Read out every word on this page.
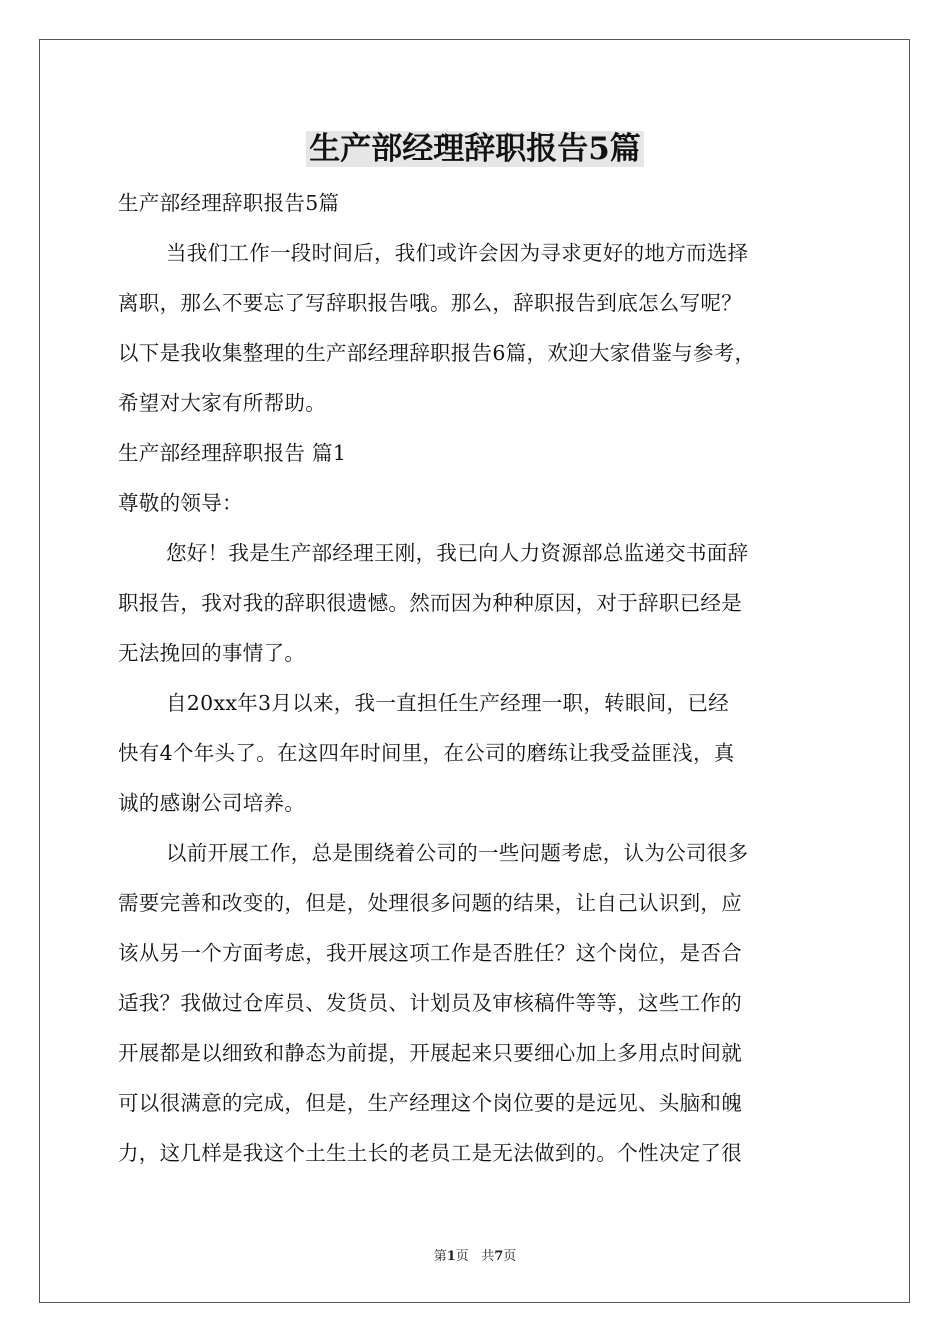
生产部经理辞职报告5篇

生产部经理辞职报告5篇

当我们工作一段时间后，我们或许会因为寻求更好的地方而选择

离职，那么不要忘了写辞职报告哦。那么，辞职报告到底怎么写呢？

以下是我收集整理的生产部经理辞职报告6篇，欢迎大家借鉴与参考，

希望对大家有所帮助。

生产部经理辞职报告 篇1

尊敬的领导：

您好！我是生产部经理王刚，我已向人力资源部总监递交书面辞

职报告，我对我的辞职很遗憾。然而因为种种原因，对于辞职已经是

无法挽回的事情了。

自20xx年3月以来，我一直担任生产经理一职，转眼间，已经

快有4个年头了。在这四年时间里，在公司的磨练让我受益匪浅，真

诚的感谢公司培养。

以前开展工作，总是围绕着公司的一些问题考虑，认为公司很多

需要完善和改变的，但是，处理很多问题的结果，让自己认识到，应

该从另一个方面考虑，我开展这项工作是否胜任？这个岗位，是否合

适我？我做过仓库员、发货员、计划员及审核稿件等等，这些工作的

开展都是以细致和静态为前提，开展起来只要细心加上多用点时间就

可以很满意的完成，但是，生产经理这个岗位要的是远见、头脑和魄

力，这几样是我这个土生土长的老员工是无法做到的。个性决定了很

第1页 共7页
